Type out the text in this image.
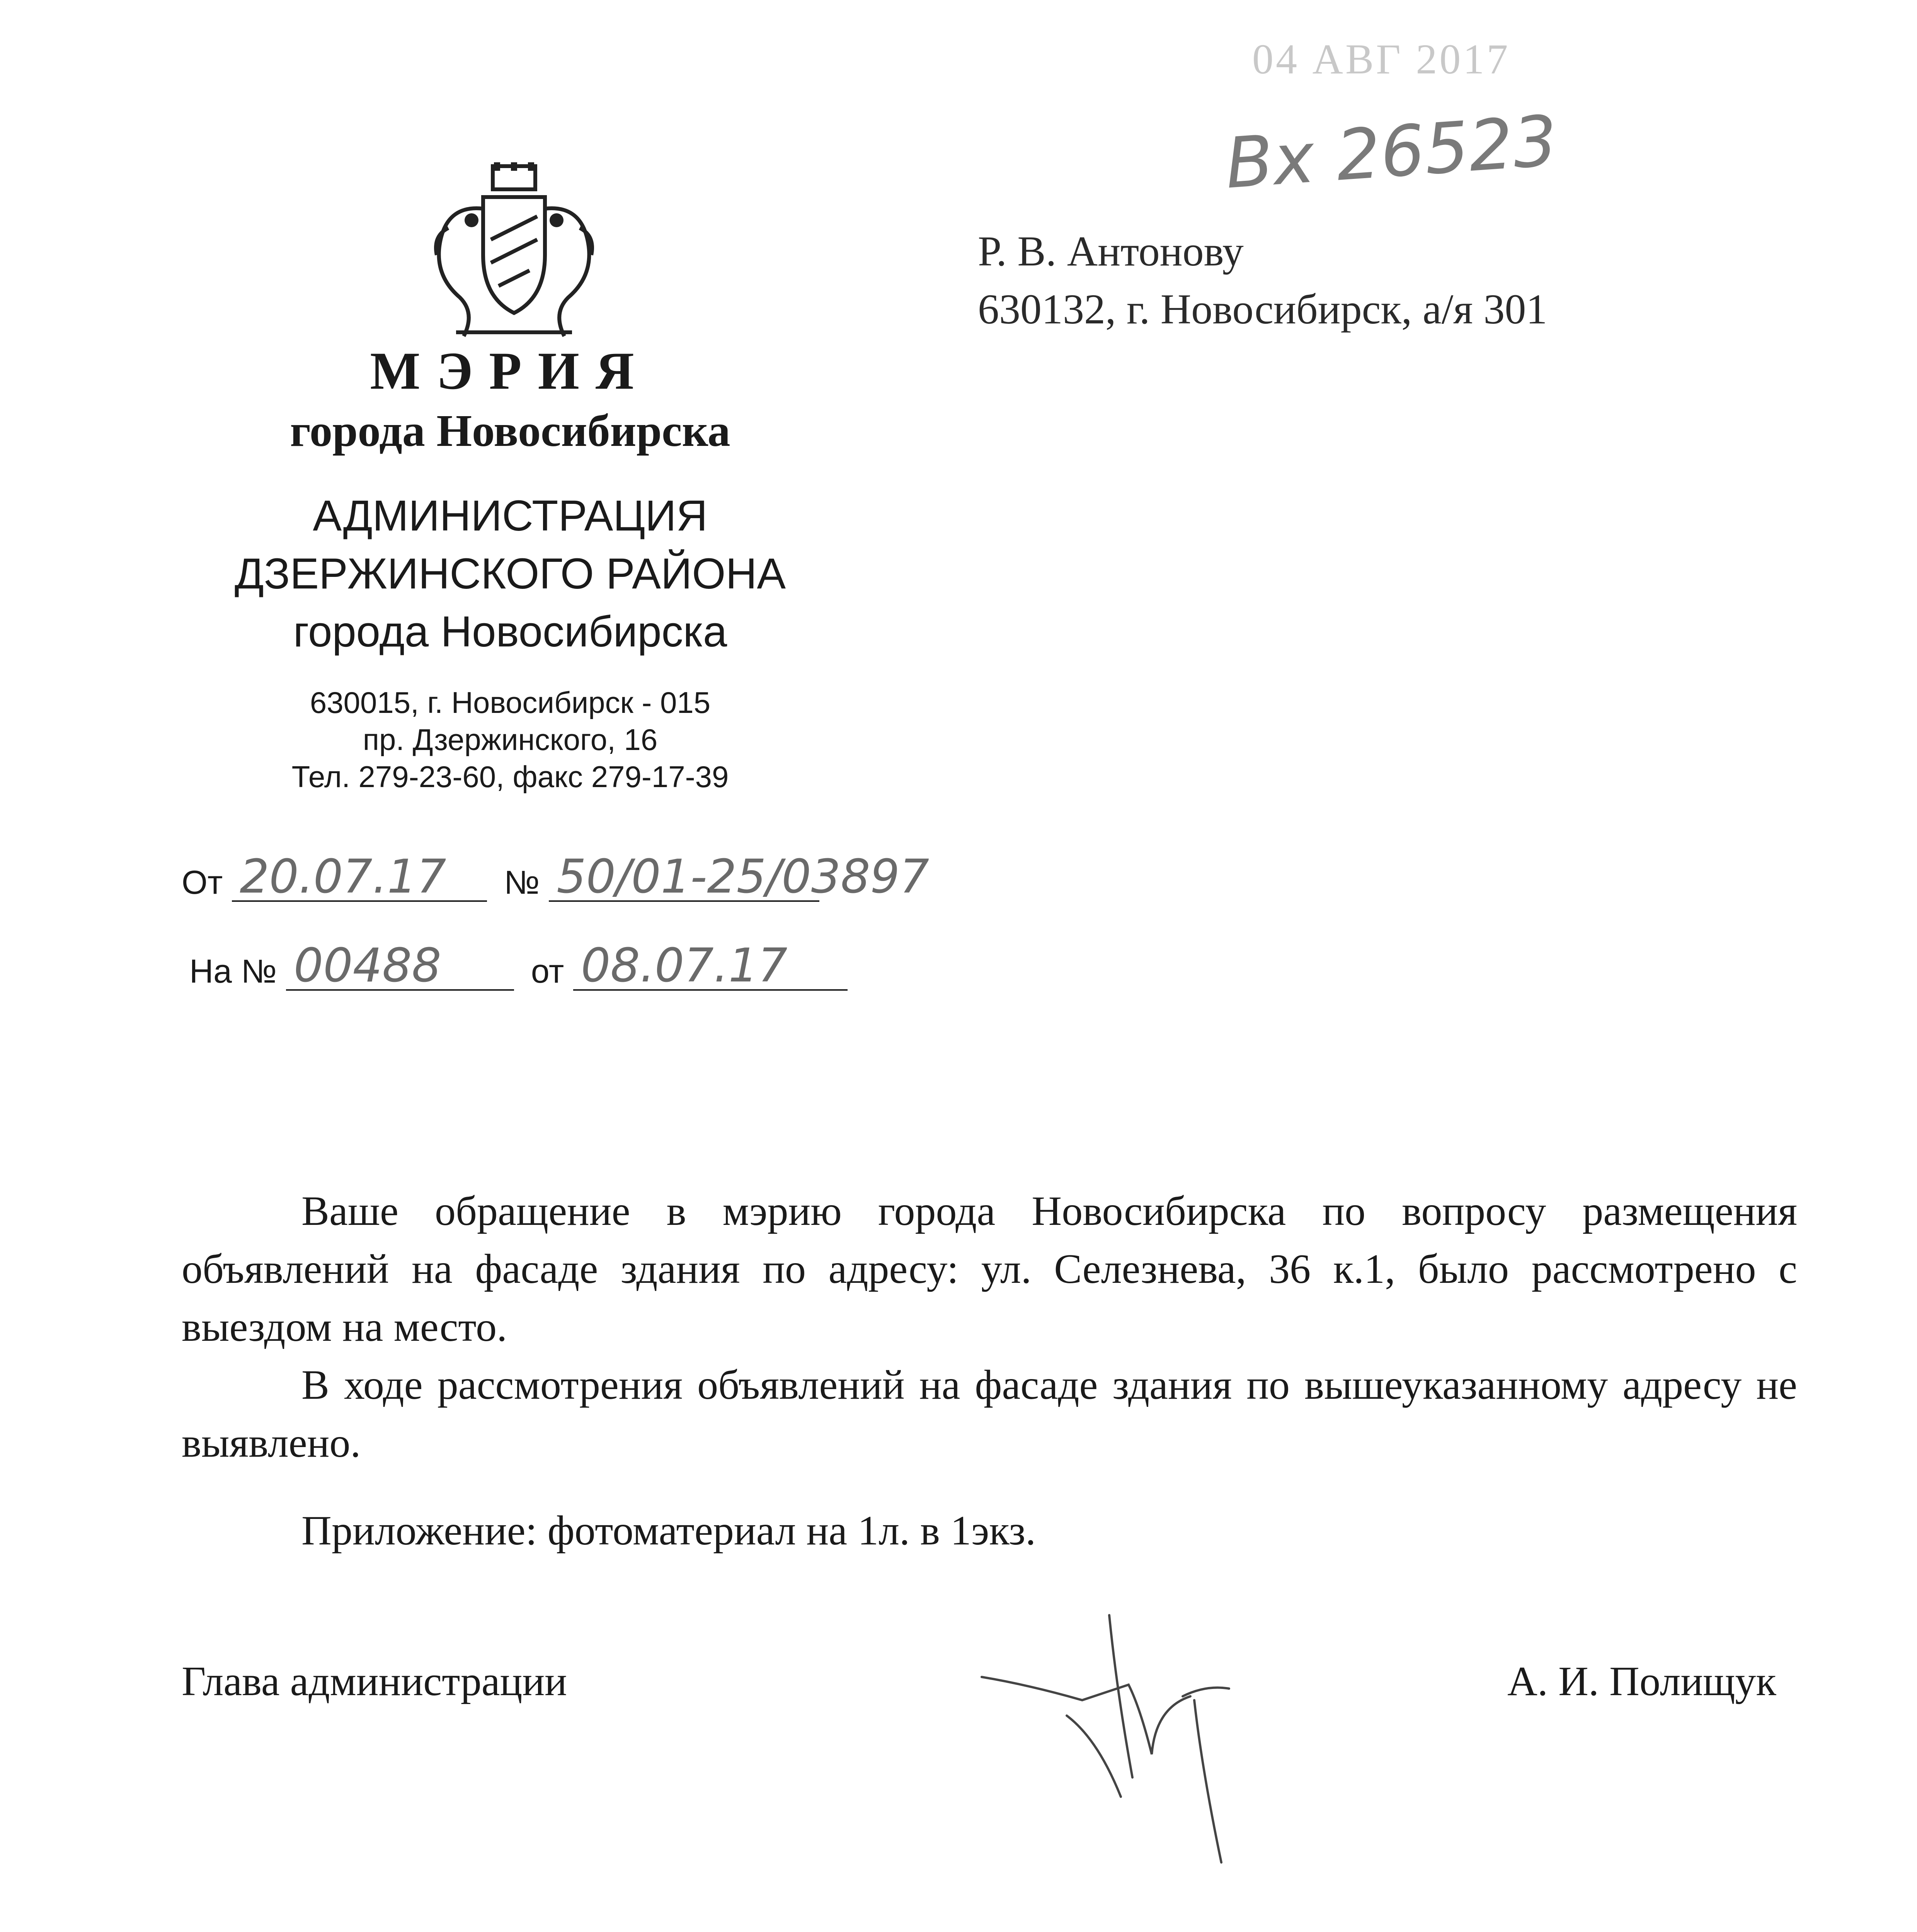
04 АВГ 2017
Вх 26523
МЭРИЯ
города Новосибирска
АДМИНИСТРАЦИЯ
ДЗЕРЖИНСКОГО РАЙОНА
города Новосибирска
630015, г. Новосибирск - 015
пр. Дзержинского, 16
Тел. 279-23-60, факс 279-17-39
Р. В. Антонову
630132, г. Новосибирск, а/я 301
От 20.07.17 № 50/01-25/03897
На № 00488	от 08.07.17

Ваше обращение в мэрию города Новосибирска по вопросу размещения объявлений на фасаде здания по адресу: ул. Селезнева, 36 к.1, было рассмотрено с выездом на место.

В ходе рассмотрения объявлений на фасаде здания по вышеуказанному адресу не выявлено.

Приложение: фотоматериал на 1л. в 1экз.
Глава администрации	А. И. Полищук
